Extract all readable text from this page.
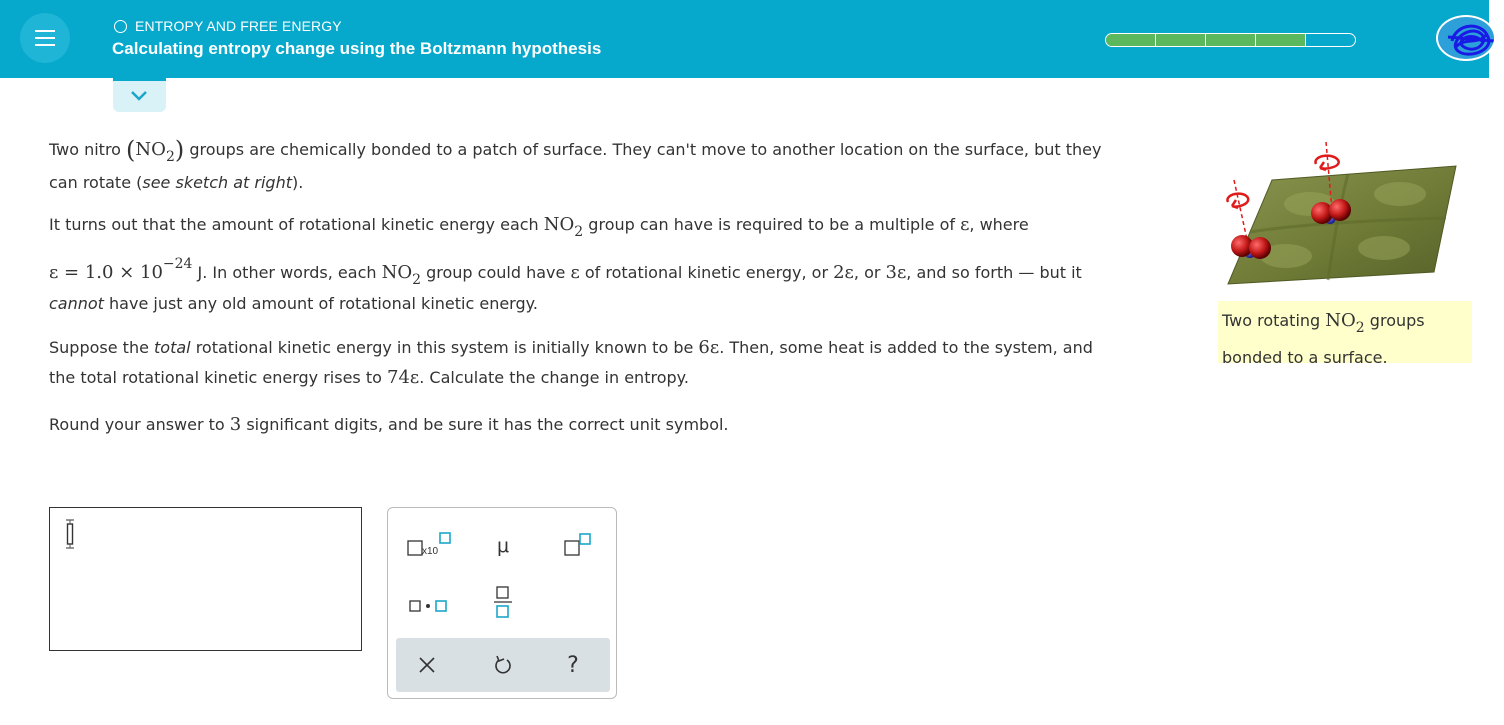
ENTROPY AND FREE ENERGY
Calculating entropy change using the Boltzmann hypothesis
Two nitro $(NO_2)$ groups are chemically bonded to a patch of surface. They can't move to another location on the surface, but they
can rotate (see sketch at right).
It turns out that the amount of rotational kinetic energy each $NO_2$ group can have is required to be a multiple of ε, where
$\varepsilon = 1.0 \times 10^{-24}$ J. In other words, each $NO_2$ group could have ε of rotational kinetic energy, or 2ε, or 3ε, and so forth — but it
cannot have just any old amount of rotational kinetic energy.
Suppose the total rotational kinetic energy in this system is initially known to be 6ε. Then, some heat is added to the system, and
the total rotational kinetic energy rises to 74ε. Calculate the change in entropy.
Round your answer to 3 significant digits, and be sure it has the correct unit symbol.
Two rotating $NO_2$ groups
bonded to a surface.
x10	μ
?
